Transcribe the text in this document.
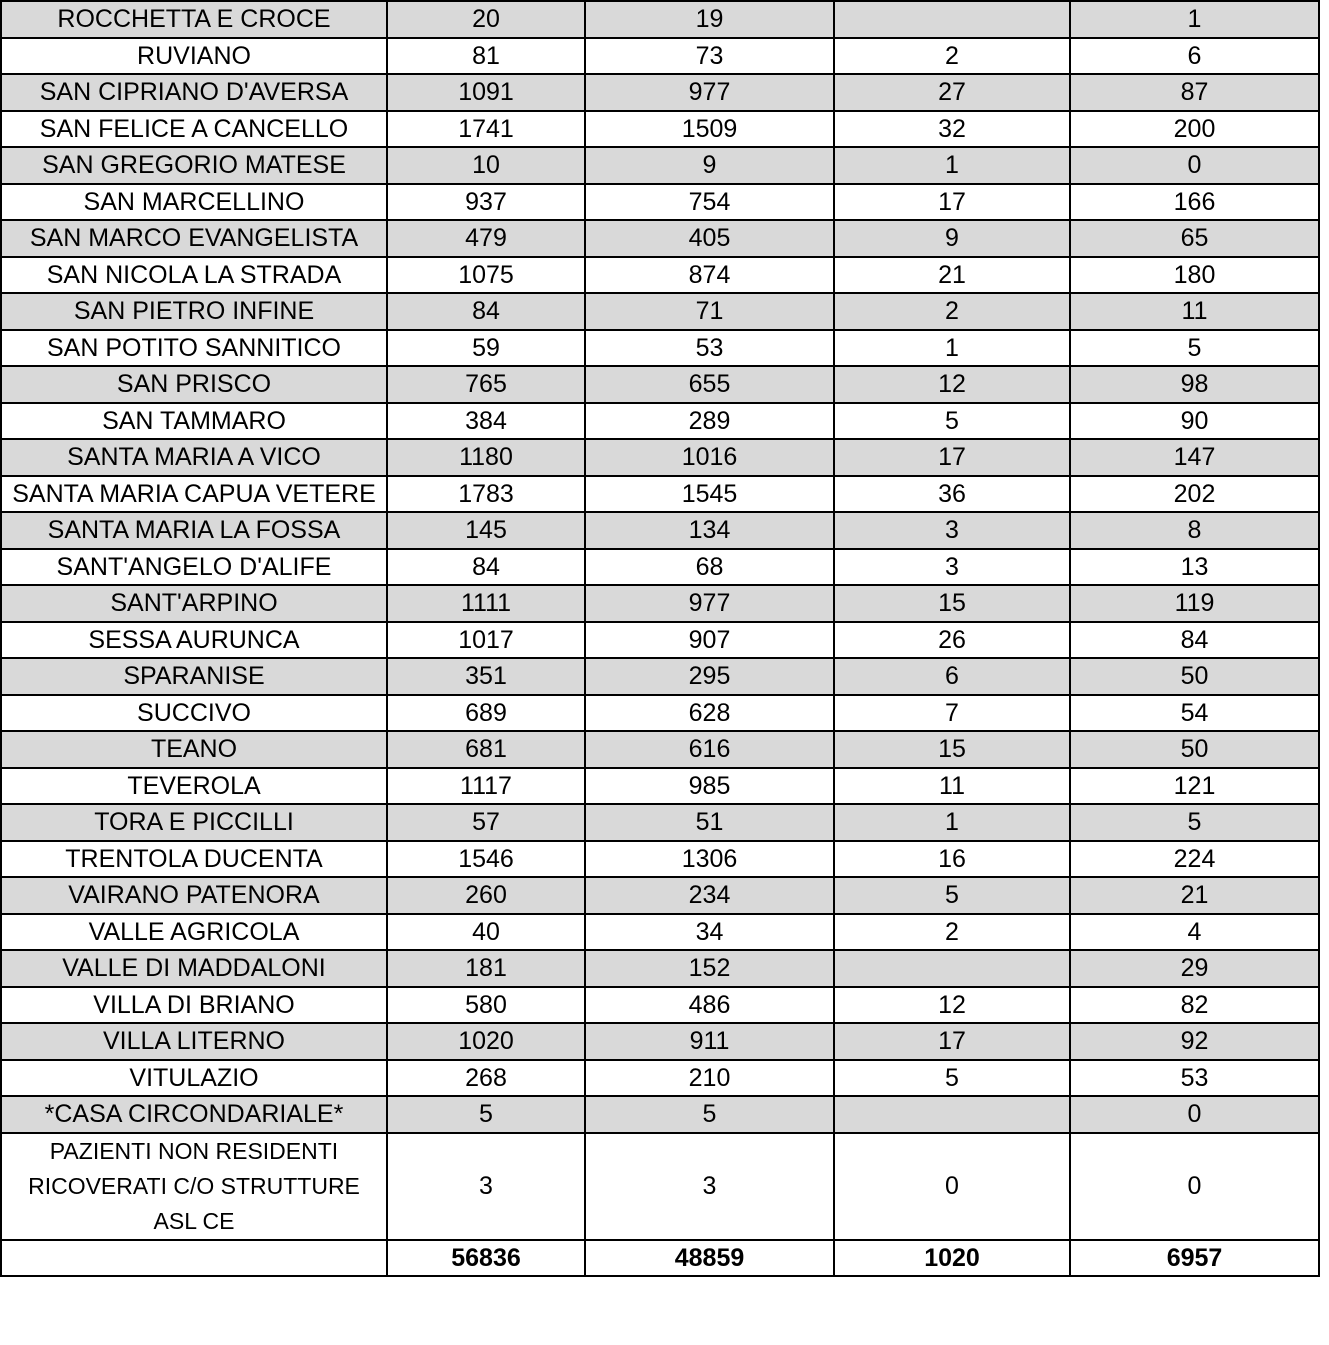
ROCCHETTA E CROCE	20	19		1
RUVIANO	81	73	2	6
SAN CIPRIANO D'AVERSA	1091	977	27	87
SAN FELICE A CANCELLO	1741	1509	32	200
SAN GREGORIO MATESE	10	9	1	0
SAN MARCELLINO	937	754	17	166
SAN MARCO EVANGELISTA	479	405	9	65
SAN NICOLA LA STRADA	1075	874	21	180
SAN PIETRO INFINE	84	71	2	11
SAN POTITO SANNITICO	59	53	1	5
SAN PRISCO	765	655	12	98
SAN TAMMARO	384	289	5	90
SANTA MARIA A VICO	1180	1016	17	147
SANTA MARIA CAPUA VETERE	1783	1545	36	202
SANTA MARIA LA FOSSA	145	134	3	8
SANT'ANGELO D'ALIFE	84	68	3	13
SANT'ARPINO	1111	977	15	119
SESSA AURUNCA	1017	907	26	84
SPARANISE	351	295	6	50
SUCCIVO	689	628	7	54
TEANO	681	616	15	50
TEVEROLA	1117	985	11	121
TORA E PICCILLI	57	51	1	5
TRENTOLA DUCENTA	1546	1306	16	224
VAIRANO PATENORA	260	234	5	21
VALLE AGRICOLA	40	34	2	4
VALLE DI MADDALONI	181	152		29
VILLA DI BRIANO	580	486	12	82
VILLA LITERNO	1020	911	17	92
VITULAZIO	268	210	5	53
*CASA CIRCONDARIALE*	5	5		0
PAZIENTI NON RESIDENTI RICOVERATI C/O STRUTTURE ASL CE	3	3	0	0
	56836	48859	1020	6957
